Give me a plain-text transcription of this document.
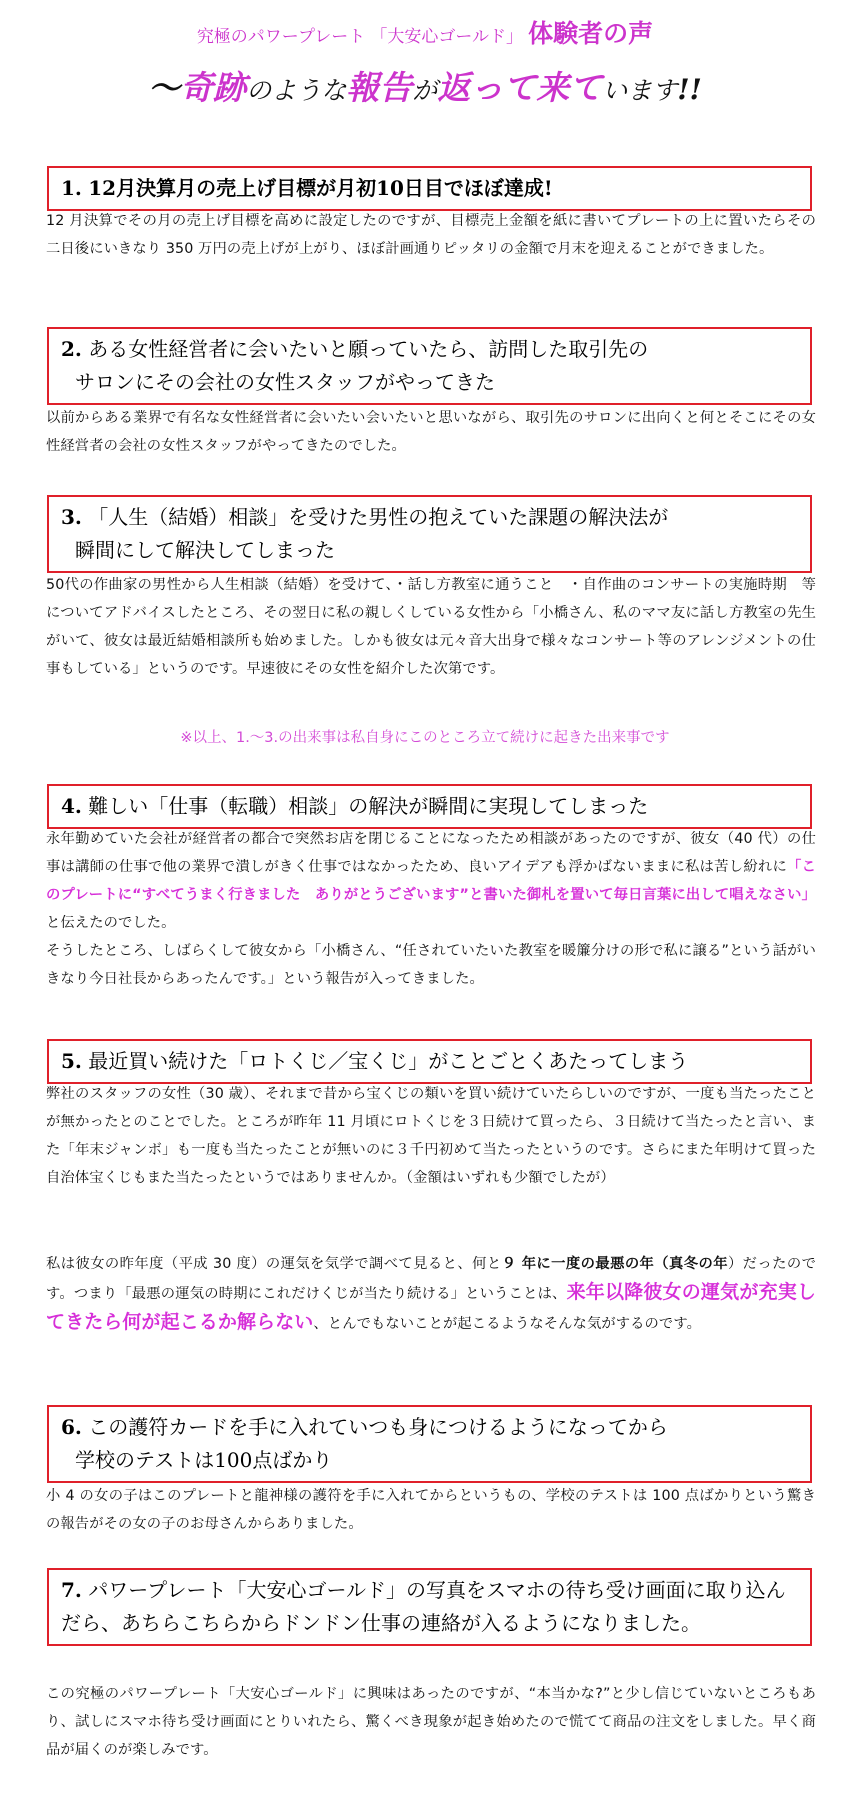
究極のパワープレート 「大安心ゴールド」 体験者の声
～奇跡のような報告が返って来ています!!
1. 12月決算月の売上げ目標が月初10日目でほぼ達成!
12 月決算でその月の売上げ目標を高めに設定したのですが、目標売上金額を紙に書いてプレートの上に置いたらその二日後にいきなり 350 万円の売上げが上がり、ほぼ計画通りピッタリの金額で月末を迎えることができました。
2. ある女性経営者に会いたいと願っていたら、訪問した取引先の
サロンにその会社の女性スタッフがやってきた
以前からある業界で有名な女性経営者に会いたい会いたいと思いながら、取引先のサロンに出向くと何とそこにその女性経営者の会社の女性スタッフがやってきたのでした。
3. 「人生（結婚）相談」を受けた男性の抱えていた課題の解決法が
瞬間にして解決してしまった
50代の作曲家の男性から人生相談（結婚）を受けて、・話し方教室に通うこと　・自作曲のコンサートの実施時期　等についてアドバイスしたところ、その翌日に私の親しくしている女性から「小橋さん、私のママ友に話し方教室の先生がいて、彼女は最近結婚相談所も始めました。しかも彼女は元々音大出身で様々なコンサート等のアレンジメントの仕事もしている」というのです。早速彼にその女性を紹介した次第です。
※以上、1.～3.の出来事は私自身にこのところ立て続けに起きた出来事です
4. 難しい「仕事（転職）相談」の解決が瞬間に実現してしまった
永年勤めていた会社が経営者の都合で突然お店を閉じることになったため相談があったのですが、彼女（40 代）の仕事は講師の仕事で他の業界で潰しがきく仕事ではなかったため、良いアイデアも浮かばないままに私は苦し紛れに「このプレートに“すべてうまく行きました　ありがとうございます”と書いた御札を置いて毎日言葉に出して唱えなさい」と伝えたのでした。
そうしたところ、しばらくして彼女から「小橋さん、“任されていたいた教室を暖簾分けの形で私に譲る”という話がいきなり今日社長からあったんです。」という報告が入ってきました。
5. 最近買い続けた「ロトくじ／宝くじ」がことごとくあたってしまう
弊社のスタッフの女性（30 歳）、それまで昔から宝くじの類いを買い続けていたらしいのですが、一度も当たったことが無かったとのことでした。ところが昨年 11 月頃にロトくじを３日続けて買ったら、３日続けて当たったと言い、また「年末ジャンボ」も一度も当たったことが無いのに３千円初めて当たったというのです。さらにまた年明けて買った自治体宝くじもまた当たったというではありませんか。（金額はいずれも少額でしたが）
私は彼女の昨年度（平成 30 度）の運気を気学で調べて見ると、何と９ 年に一度の最悪の年（真冬の年）だったのです。つまり「最悪の運気の時期にこれだけくじが当たり続ける」ということは、来年以降彼女の運気が充実してきたら何が起こるか解らない、とんでもないことが起こるようなそんな気がするのです。
6. この護符カードを手に入れていつも身につけるようになってから
学校のテストは100点ばかり
小 4 の女の子はこのプレートと龍神様の護符を手に入れてからというもの、学校のテストは 100 点ばかりという驚きの報告がその女の子のお母さんからありました。
7. パワープレート「大安心ゴールド」の写真をスマホの待ち受け画面に取り込んだら、あちらこちらからドンドン仕事の連絡が入るようになりました。
この究極のパワープレート「大安心ゴールド」に興味はあったのですが、“本当かな?”と少し信じていないところもあり、試しにスマホ待ち受け画面にとりいれたら、驚くべき現象が起き始めたので慌てて商品の注文をしました。早く商品が届くのが楽しみです。
